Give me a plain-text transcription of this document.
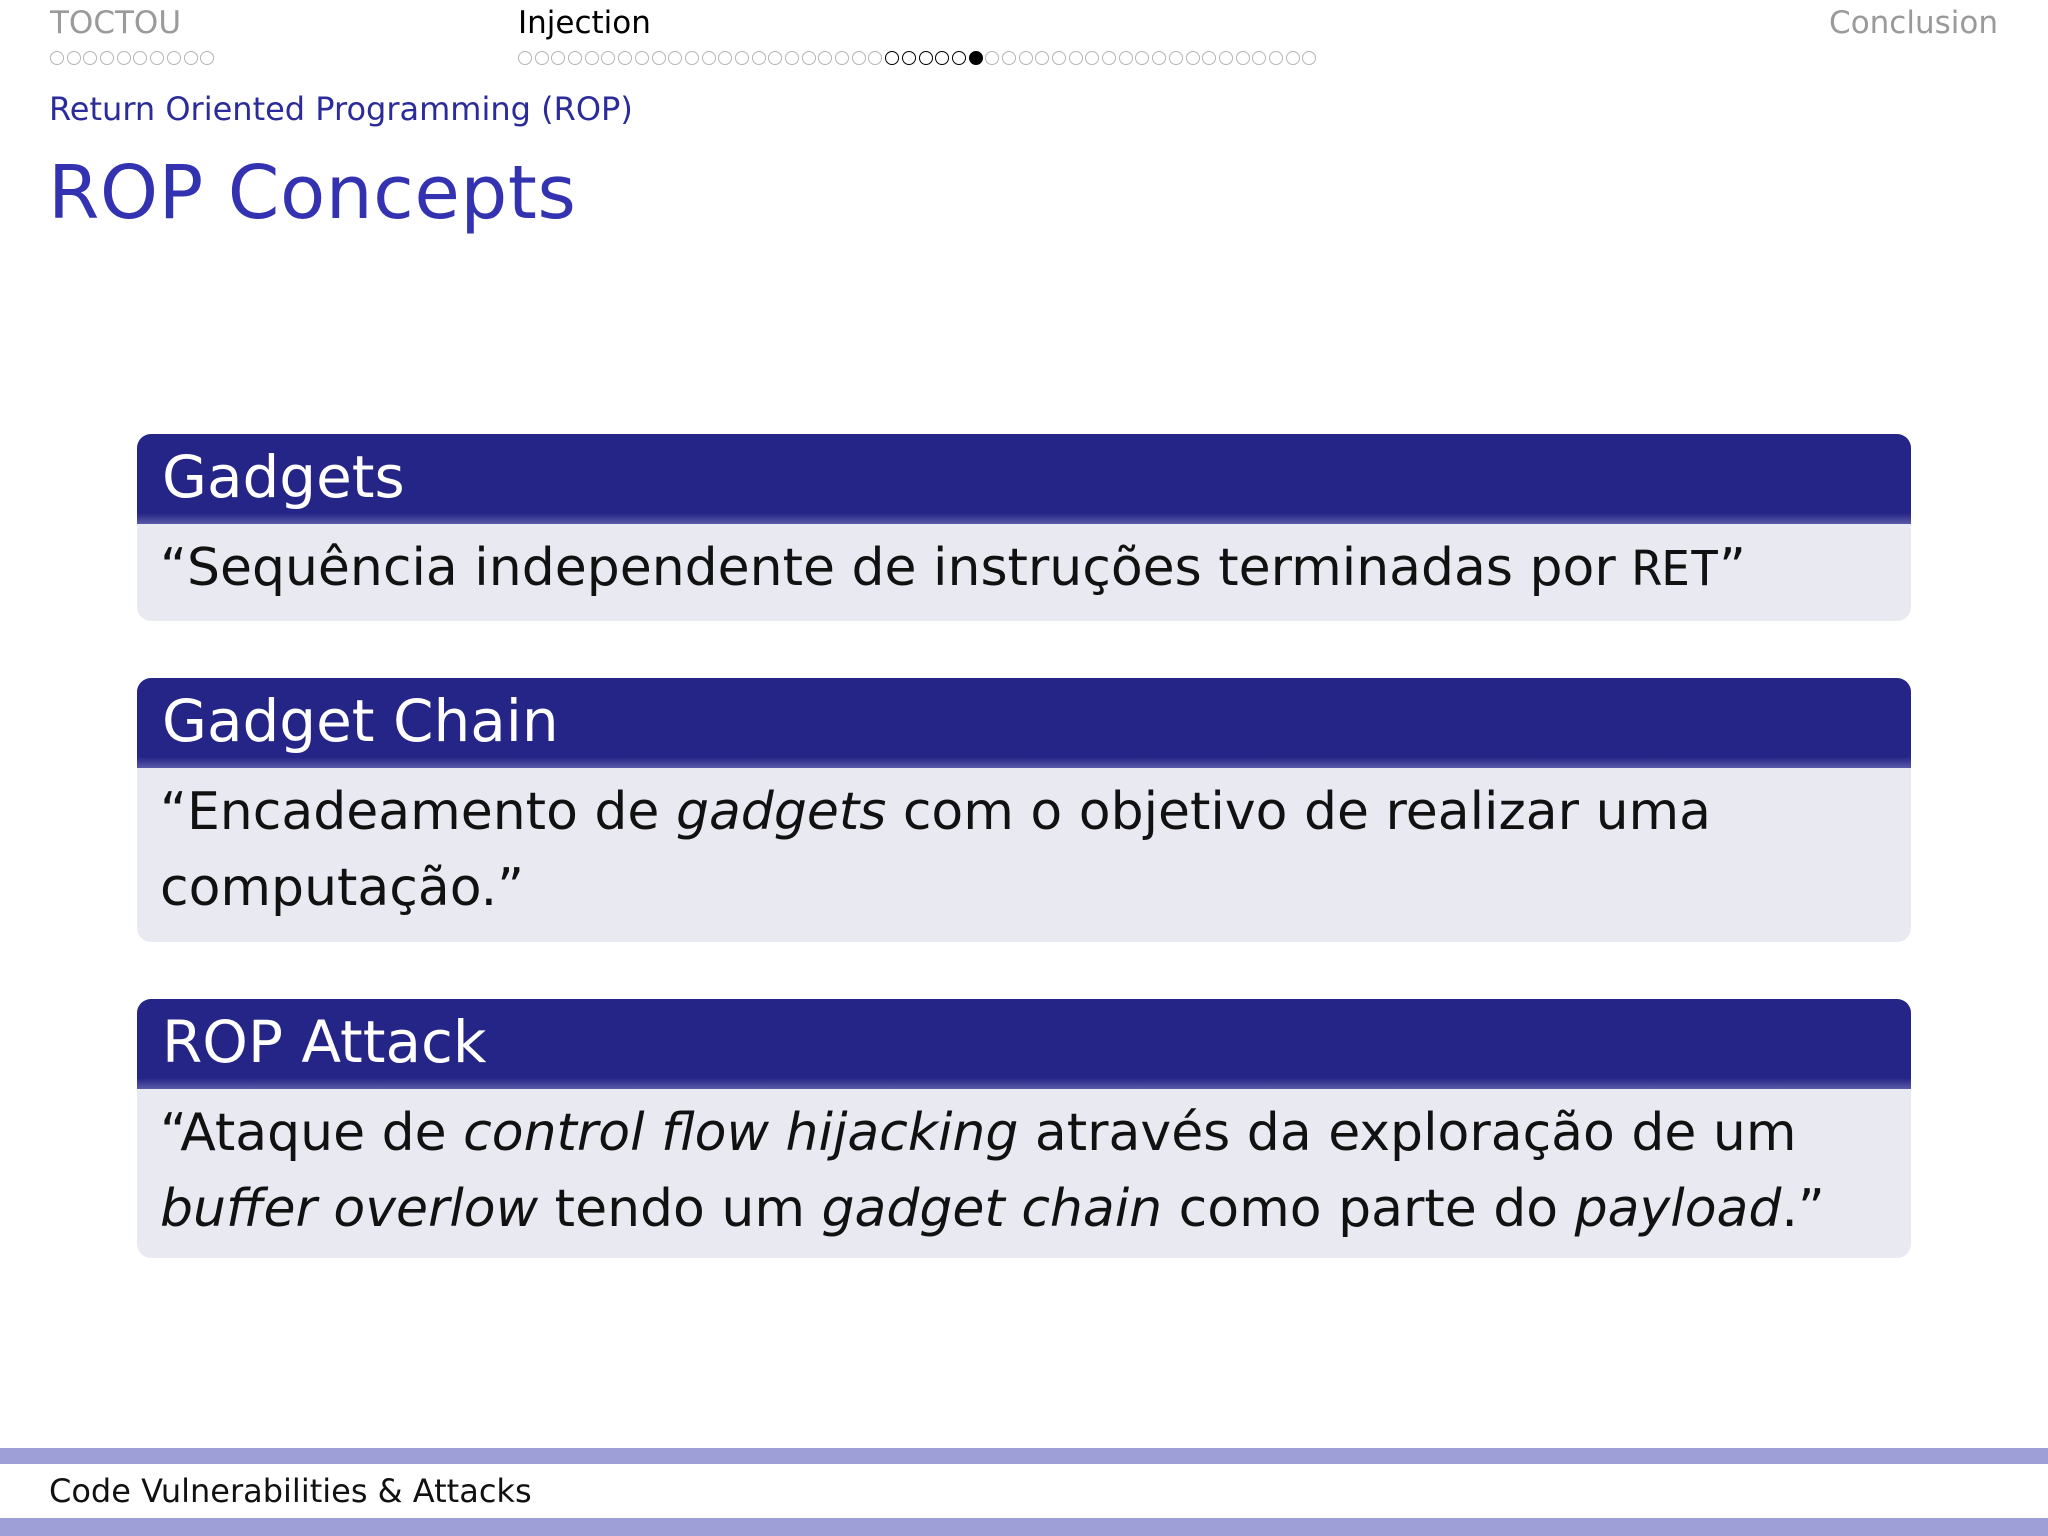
TOCTOU	Injection	Conclusion
Return Oriented Programming (ROP)
ROP Concepts
Gadgets
“Sequência independente de instruções terminadas por RET”
Gadget Chain
“Encadeamento de gadgets com o objetivo de realizar uma computação.”
ROP Attack
“Ataque de control flow hijacking através da exploração de um buffer overlow tendo um gadget chain como parte do payload.”
Code Vulnerabilities & Attacks
